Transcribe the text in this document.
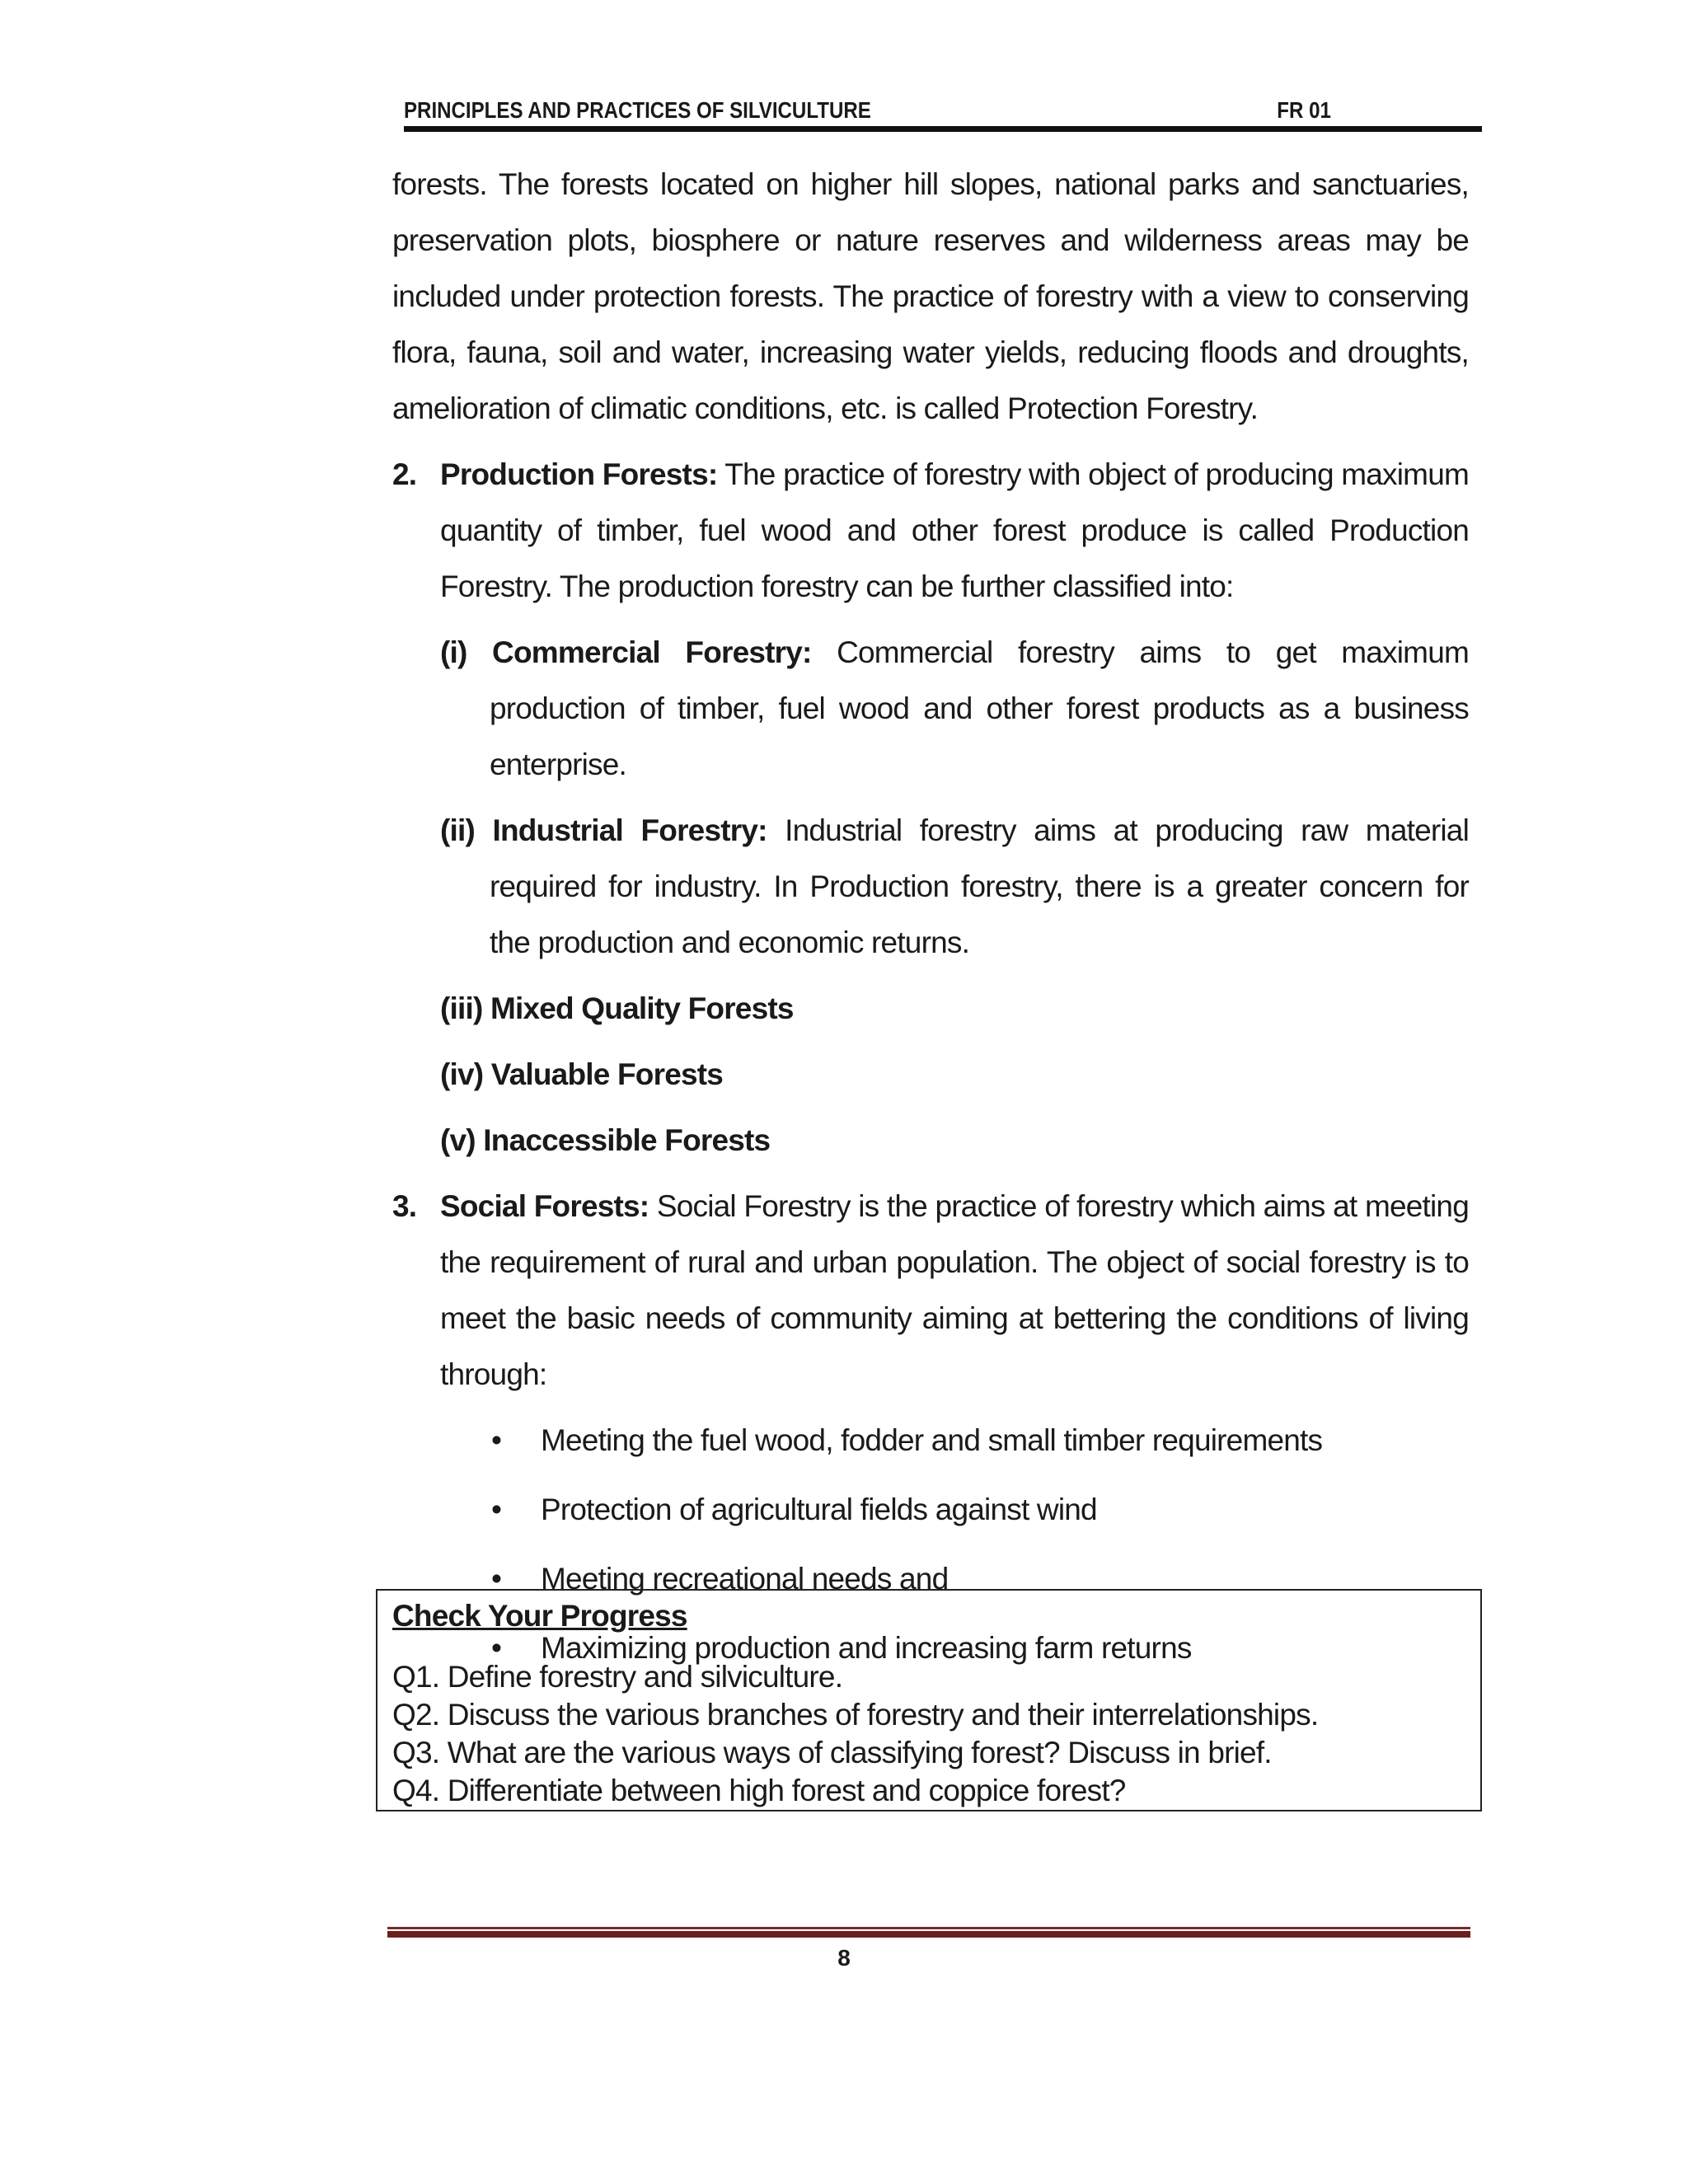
PRINCIPLES AND PRACTICES OF SILVICULTURE	FR 01

forests. The forests located on higher hill slopes, national parks and sanctuaries, preservation plots, biosphere or nature reserves and wilderness areas may be included under protection forests. The practice of forestry with a view to conserving flora, fauna, soil and water, increasing water yields, reducing floods and droughts, amelioration of climatic conditions, etc. is called Protection Forestry.

2. Production Forests: The practice of forestry with object of producing maximum quantity of timber, fuel wood and other forest produce is called Production Forestry. The production forestry can be further classified into:
(i) Commercial Forestry: Commercial forestry aims to get maximum production of timber, fuel wood and other forest products as a business enterprise.
(ii) Industrial Forestry: Industrial forestry aims at producing raw material required for industry. In Production forestry, there is a greater concern for the production and economic returns.
(iii) Mixed Quality Forests
(iv) Valuable Forests
(v) Inaccessible Forests
3. Social Forests: Social Forestry is the practice of forestry which aims at meeting the requirement of rural and urban population. The object of social forestry is to meet the basic needs of community aiming at bettering the conditions of living through:
• Meeting the fuel wood, fodder and small timber requirements
• Protection of agricultural fields against wind
• Meeting recreational needs and
• Maximizing production and increasing farm returns
Check Your Progress
Q1. Define forestry and silviculture.
Q2. Discuss the various branches of forestry and their interrelationships.
Q3. What are the various ways of classifying forest? Discuss in brief.
Q4. Differentiate between high forest and coppice forest?
8
